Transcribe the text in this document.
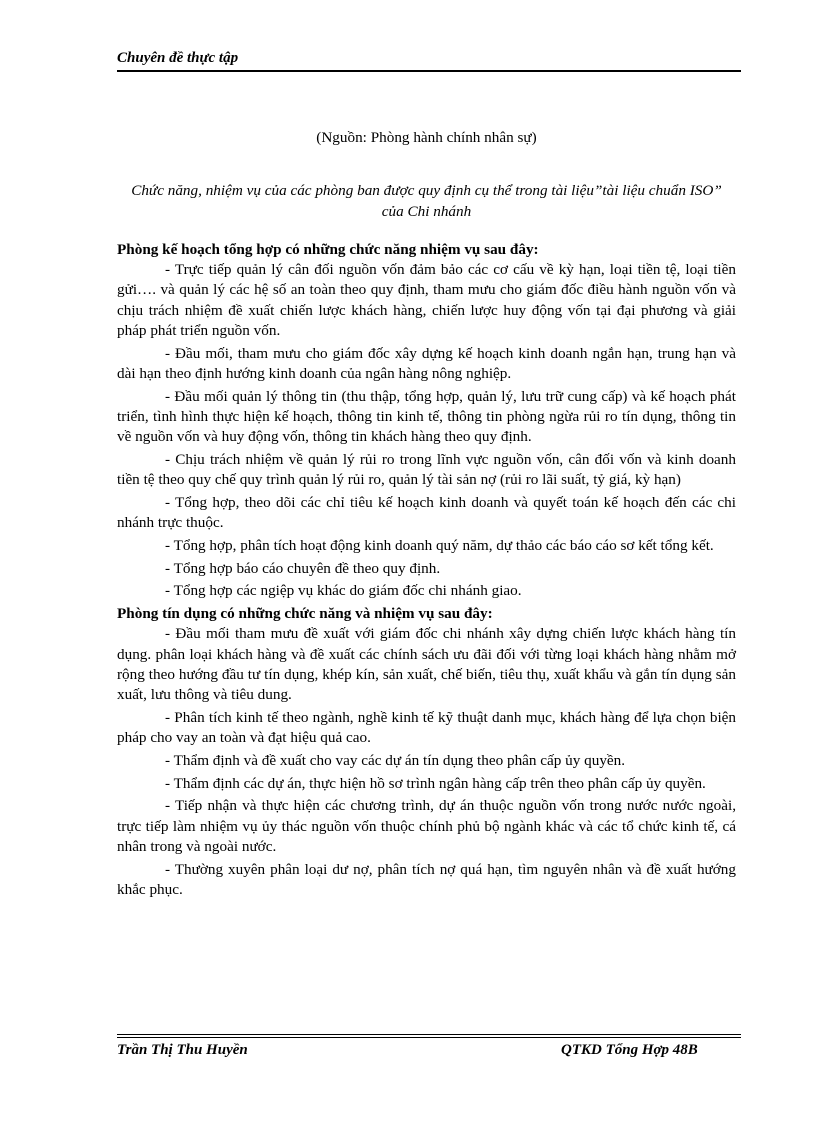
Chuyên đề thực tập

(Nguồn: Phòng hành chính nhân sự)

Chức năng, nhiệm vụ của các phòng ban được quy định cụ thể trong tài liệu”tài liệu chuẩn ISO” của Chi nhánh

Phòng kế hoạch tổng hợp có những chức năng nhiệm vụ sau đây:

- Trực tiếp quản lý cân đối nguồn vốn đảm bảo các cơ cấu về kỳ hạn, loại tiền tệ, loại tiền gửi…. và quản lý các hệ số an toàn theo quy định, tham mưu cho giám đốc điều hành nguồn vốn và chịu trách nhiệm đề xuất chiến lược khách hàng, chiến lược huy động vốn tại đại phương và giải pháp phát triển nguồn vốn.

- Đầu mối, tham mưu cho giám đốc xây dựng kế hoạch kinh doanh ngắn hạn, trung hạn và dài hạn theo định hướng kinh doanh của ngân hàng nông nghiệp.

- Đầu mối quản lý thông tin (thu thập, tổng hợp, quản lý, lưu trữ cung cấp) và kế hoạch phát triển, tình hình thực hiện kế hoạch, thông tin kinh tế, thông tin phòng ngừa rủi ro tín dụng, thông tin về nguồn vốn và huy động vốn, thông tin khách hàng theo quy định.

- Chịu trách nhiệm về quản lý rủi ro trong lĩnh vực nguồn vốn, cân đối vốn và kinh doanh tiền tệ theo quy chế quy trình quản lý rủi ro, quản lý tài sản nợ (rủi ro lãi suất, tỷ giá, kỳ hạn)

- Tổng hợp, theo dõi các chỉ tiêu kế hoạch kinh doanh và quyết toán kế hoạch đến các chi nhánh trực thuộc.

- Tổng hợp, phân tích hoạt động kinh doanh quý năm, dự thảo các báo cáo sơ kết tổng kết.

- Tổng hợp báo cáo chuyên đề theo quy định.

- Tổng hợp các ngiệp vụ khác do giám đốc chi nhánh giao.

Phòng tín dụng có những chức năng và nhiệm vụ sau đây:

- Đầu mối tham mưu đề xuất với giám đốc chi nhánh xây dựng chiến lược khách hàng tín dụng. phân loại khách hàng và đề xuất các chính sách ưu đãi đối với từng loại khách hàng nhằm mở rộng theo hướng đầu tư tín dụng, khép kín, sản xuất, chế biến, tiêu thụ, xuất khẩu và gắn tín dụng sản xuất, lưu thông và tiêu dung.

- Phân tích kinh tế theo ngành, nghề kinh tế kỹ thuật danh mục, khách hàng để lựa chọn biện pháp cho vay an toàn và đạt hiệu quả cao.

- Thẩm định và đề xuất cho vay các dự án tín dụng theo phân cấp ủy quyền.

- Thẩm định các dự án, thực hiện hồ sơ trình ngân hàng cấp trên theo phân cấp ủy quyền.

- Tiếp nhận và thực hiện các chương trình, dự án thuộc nguồn vốn trong nước nước ngoài, trực tiếp làm nhiệm vụ ủy thác nguồn vốn thuộc chính phủ bộ ngành khác và các tổ chức kinh tế, cá nhân trong và ngoài nước.

- Thường xuyên phân loại dư nợ, phân tích nợ quá hạn, tìm nguyên nhân và đề xuất hướng khắc phục.

Trần Thị Thu Huyền	QTKD Tổng Hợp 48B
